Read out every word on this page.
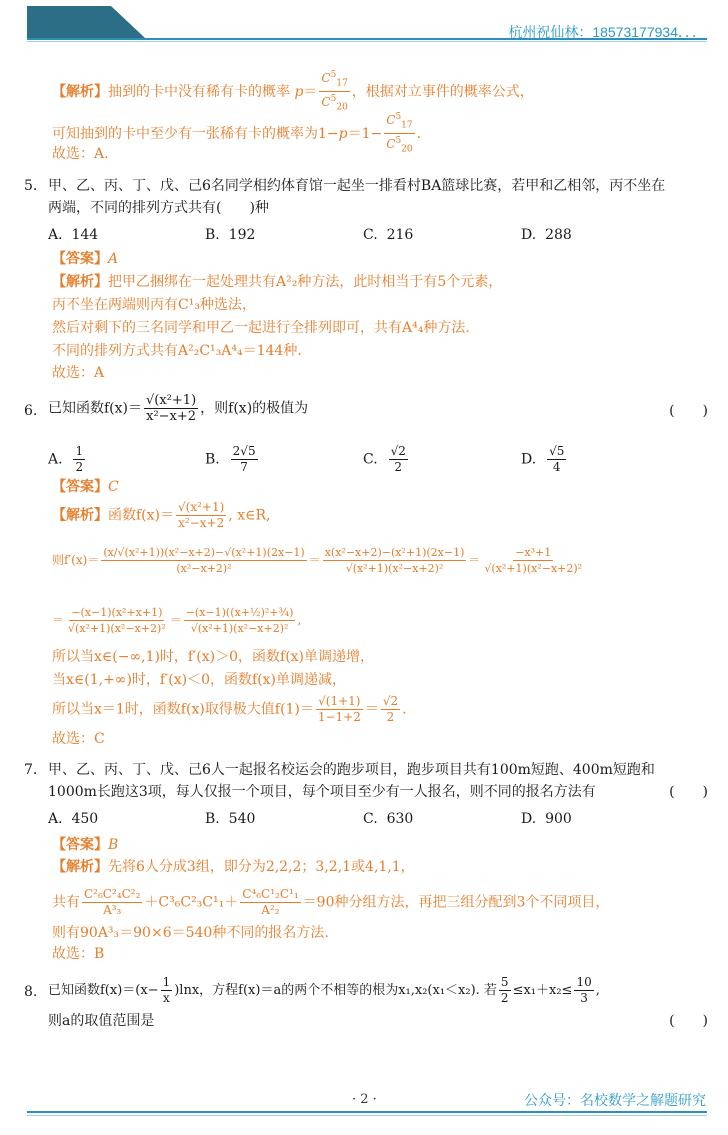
杭州祝仙林：18573177934．．．
【解析】抽到的卡中没有稀有卡的概率 $p= \frac{C^5_{17}}{C^5_{20}}$ ，根据对立事件的概率公式，
可知抽到的卡中至少有一张稀有卡的概率为$1-p=1- \frac{C^5_{17}}{C^5_{20}}$ .
故选：A.
5. 甲、乙、丙、丁、戊、己6名同学相约体育馆一起坐一排看村BA篮球比赛，若甲和乙相邻，丙不坐在
两端，不同的排列方式共有(　　)种
A. 144	B. 192	C. 216	D. 288
【答案】A
【解析】把甲乙捆绑在一起处理共有A²₂种方法，此时相当于有5个元素，
丙不坐在两端则丙有C¹₃种选法，
然后对剩下的三名同学和甲乙一起进行全排列即可，共有A⁴₄种方法.
不同的排列方式共有A²₂C¹₃A⁴₄＝144种.
故选：A
6. 已知函数$f(x)= \frac{\text{√(x²+1)}}{\text{x²−x+2}}$ ，则f(x)的极值为	(　　)
A. $\frac{1}{2}$	B. $\frac{2√5}{7}$	C. $\frac{√2}{2}$	D. $\frac{√5}{4}$
【答案】C
【解析】函数$f(x)= \frac{\text{√(x²+1)}}{\text{x²−x+2}}$ , x∈R,
则$f'(x)= \frac{\text{(x/√(x²+1))(x²−x+2)−√(x²+1)(2x−1)}}{\text{(x²−x+2)²}} = \frac{\text{x(x²−x+2)−(x²+1)(2x−1)}}{\text{√(x²+1)(x²−x+2)²}} = \frac{\text{−x³+1}}{\text{√(x²+1)(x²−x+2)²}}$
＝ $\frac{\text{−(x−1)(x²+x+1)}}{\text{√(x²+1)(x²−x+2)²}} = \frac{\text{−(x−1)((x+½)²+¾)}}{\text{√(x²+1)(x²−x+2)²}}$ ,
所以当x∈(−∞,1)时，f′(x)＞0，函数f(x)单调递增，
当x∈(1,+∞)时，f′(x)＜0，函数f(x)单调递减，
所以当x＝1时，函数f(x)取得极大值$f(1)= \frac{√(1+1)}{1-1+2} = \frac{√2}{2}$ .
故选：C
7. 甲、乙、丙、丁、戊、己6人一起报名校运会的跑步项目，跑步项目共有100m短跑、400m短跑和
1000m长跑这3项，每人仅报一个项目，每个项目至少有一人报名，则不同的报名方法有	(　　)
A. 450	B. 540	C. 630	D. 900
【答案】B
【解析】先将6人分成3组，即分为2,2,2；3,2,1或4,1,1，
共有 $\frac{\text{C²₆C²₄C²₂}}{\text{A³₃}} +C^3_6C^2_3C^1_1+ \frac{\text{C⁴₆C¹₂C¹₁}}{\text{A²₂}} =90$种分组方法，再把三组分配到3个不同项目，
则有90A³₃＝90×6＝540种不同的报名方法.
故选：B
8. 已知函数$f(x)=(x- \frac{1}{x} )\ln x$，方程f(x)＝a的两个不相等的根为x₁,x₂(x₁＜x₂). 若 $\frac{5}{2} \le x_1+x_2\le \frac{10}{3}$ ,
则a的取值范围是	(　　)
· 2 ·	公众号：名校数学之解题研究
